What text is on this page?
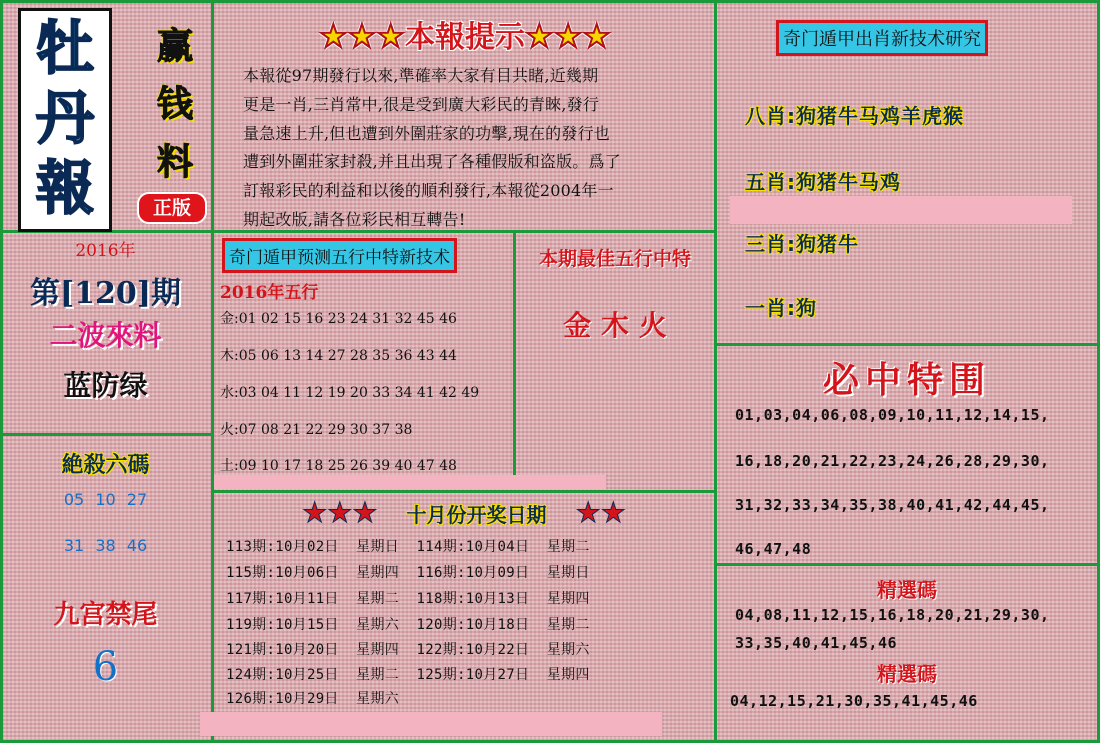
牡
丹
報
赢
钱
料
正版
2016年
第[120]期
二波來料
蓝防绿
絶殺六碼
05 10 27
31 38 46
九宫禁尾
6
★★★本報提示★★★
本報從97期發行以來,準確率大家有目共睹,近幾期
更是一肖,三肖常中,很是受到廣大彩民的青睞,發行
量急速上升,但也遭到外圍莊家的功擊,現在的發行也
遭到外圍莊家封殺,并且出現了各種假版和盗版。爲了
訂報彩民的利益和以後的順利發行,本報從2004年一
期起改版,請各位彩民相互轉告!
奇门遁甲预测五行中特新技术
2016年五行
金:01 02 15 16 23 24 31 32 45 46
木:05 06 13 14 27 28 35 36 43 44
水:03 04 11 12 19 20 33 34 41 42 49
火:07 08 21 22 29 30 37 38
土:09 10 17 18 25 26 39 40 47 48
本期最佳五行中特
金 木 火
★★★ 十月份开奖日期 ★★
113期:10月02日  星期日  114期:10月04日  星期二
115期:10月06日  星期四  116期:10月09日  星期日
117期:10月11日  星期二  118期:10月13日  星期四
119期:10月15日  星期六  120期:10月18日  星期二
121期:10月20日  星期四  122期:10月22日  星期六
124期:10月25日  星期二  125期:10月27日  星期四
126期:10月29日  星期六
奇门遁甲出肖新技术研究
八肖:狗猪牛马鸡羊虎猴
五肖:狗猪牛马鸡
三肖:狗猪牛
一肖:狗
必中特围
01,03,04,06,08,09,10,11,12,14,15,
16,18,20,21,22,23,24,26,28,29,30,
31,32,33,34,35,38,40,41,42,44,45,
46,47,48
精選碼
04,08,11,12,15,16,18,20,21,29,30,
33,35,40,41,45,46
精選碼
04,12,15,21,30,35,41,45,46
